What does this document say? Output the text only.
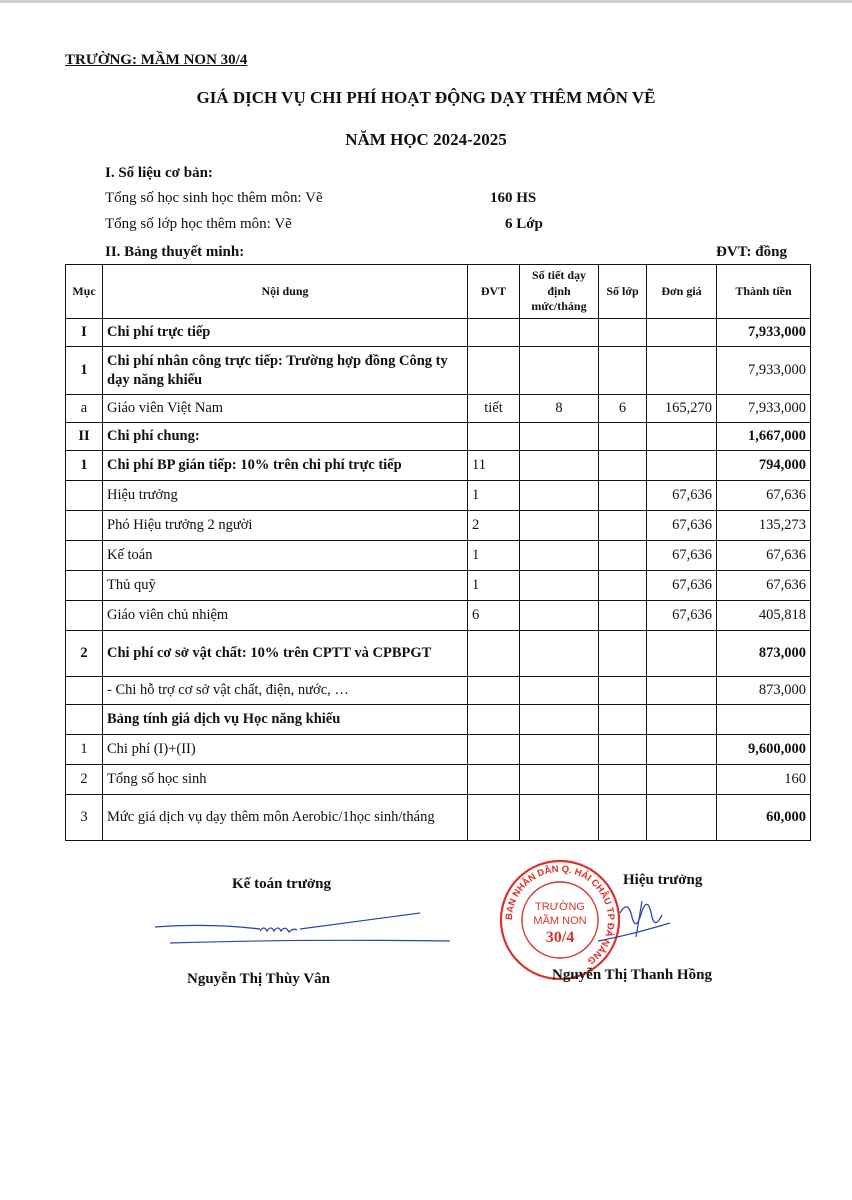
TRƯỜNG: MẦM NON 30/4
GIÁ DỊCH VỤ CHI PHÍ HOẠT ĐỘNG DẠY THÊM MÔN VẼ
NĂM HỌC 2024-2025
I. Số liệu cơ bản:
Tổng số học sinh học thêm môn: Vẽ	160 HS
Tổng số lớp học thêm môn: Vẽ	6 Lớp
II. Bảng thuyết minh:	ĐVT: đồng
Mục	Nội dung	ĐVT	Số tiết dạy định mức/tháng	Số lớp	Đơn giá	Thành tiền
I	Chi phí trực tiếp					7,933,000
1	Chi phí nhân công trực tiếp: Trường hợp đồng Công ty dạy năng khiếu					7,933,000
a	Giáo viên Việt Nam	tiết	8	6	165,270	7,933,000
II	Chi phí chung:					1,667,000
1	Chi phí BP gián tiếp: 10% trên chi phí trực tiếp	11				794,000
	Hiệu trưởng	1			67,636	67,636
	Phó Hiệu trưởng 2 người	2			67,636	135,273
	Kế toán	1			67,636	67,636
	Thủ quỹ	1			67,636	67,636
	Giáo viên chủ nhiệm	6			67,636	405,818
2	Chi phí cơ sở vật chất: 10% trên CPTT và CPBPGT					873,000
	- Chi hỗ trợ cơ sở vật chất, điện, nước, …					873,000
	Bảng tính giá dịch vụ Học năng khiếu					
1	Chi phí (I)+(II)					9,600,000
2	Tổng số học sinh					160
3	Mức giá dịch vụ dạy thêm môn Aerobic/1học sinh/tháng					60,000
Kế toán trưởng
Nguyễn Thị Thùy Vân
BAN NHÂN DÂN Q. HẢI CHÂU TP ĐÀ NẴNG
TRƯỜNG
MẦM NON
30/4
Hiệu trưởng
Nguyễn Thị Thanh Hồng
